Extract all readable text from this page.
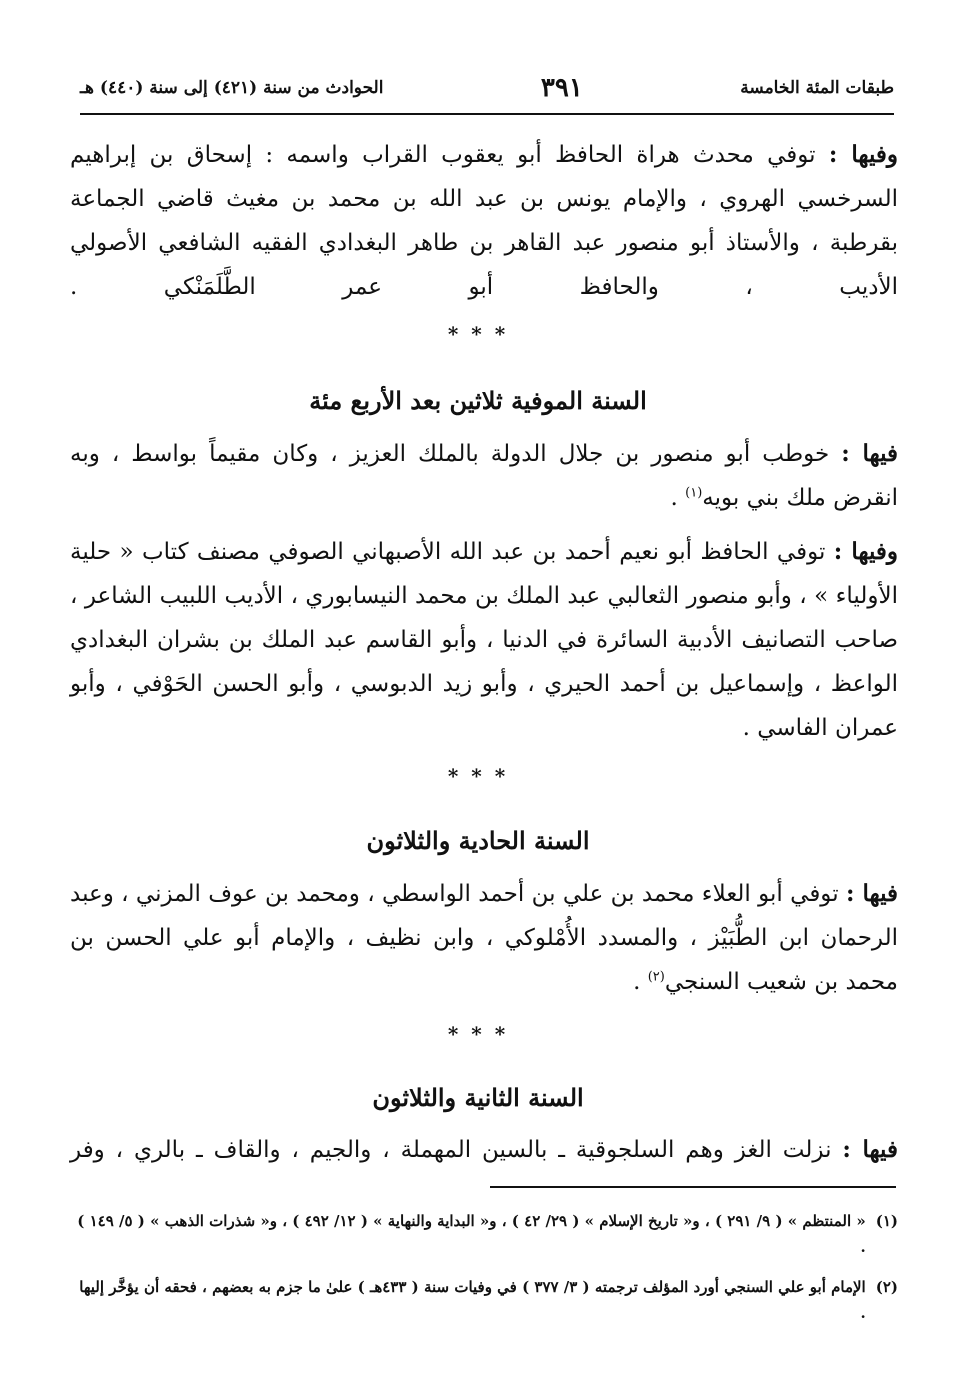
طبقات المئة الخامسة
٣٩١
الحوادث من سنة (٤٢١) إلى سنة (٤٤٠) هـ

وفيها : توفي محدث هراة الحافظ أبو يعقوب القراب واسمه : إسحاق بن إبراهيم السرخسي الهروي ، والإمام يونس بن عبد الله بن محمد بن مغيث قاضي الجماعة بقرطبة ، والأستاذ أبو منصور عبد القاهر بن طاهر البغدادي الفقيه الشافعي الأصولي الأديب ، والحافظ أبو عمر الطَّلَمَنْكي .

* * *
السنة الموفية ثلاثين بعد الأربع مئة

فيها : خوطب أبو منصور بن جلال الدولة بالملك العزيز ، وكان مقيماً بواسط ، وبه انقرض ملك بني بويه$^{(١)}$ .

وفيها : توفي الحافظ أبو نعيم أحمد بن عبد الله الأصبهاني الصوفي مصنف كتاب « حلية الأولياء » ، وأبو منصور الثعالبي عبد الملك بن محمد النيسابوري ، الأديب اللبيب الشاعر ، صاحب التصانيف الأدبية السائرة في الدنيا ، وأبو القاسم عبد الملك بن بشران البغدادي الواعظ ، وإسماعيل بن أحمد الحيري ، وأبو زيد الدبوسي ، وأبو الحسن الحَوْفي ، وأبو عمران الفاسي .

* * *
السنة الحادية والثلاثون

فيها : توفي أبو العلاء محمد بن علي بن أحمد الواسطي ، ومحمد بن عوف المزني ، وعبد الرحمان ابن الطُّبَيْز ، والمسدد الأُمْلوكي ، وابن نظيف ، والإمام أبو علي الحسن بن محمد بن شعيب السنجي$^{(٢)}$ .

* * *
السنة الثانية والثلاثون

فيها : نزلت الغز وهم السلجوقية ـ بالسين المهملة ، والجيم ، والقاف ـ بالري ، وفر

(١)
« المنتظم » ( ٩/ ٢٩١ ) ، و« تاريخ الإسلام » ( ٢٩/ ٤٢ ) ، و« البداية والنهاية » ( ١٢/ ٤٩٢ ) ، و« شذرات الذهب » ( ٥/ ١٤٩ ) .
(٢)
الإمام أبو علي السنجي أورد المؤلف ترجمته ( ٣/ ٣٧٧ ) في وفيات سنة ( ٤٣٣هـ ) علىٰ ما جزم به بعضهم ، فحقه أن يؤخَّر إليها .
